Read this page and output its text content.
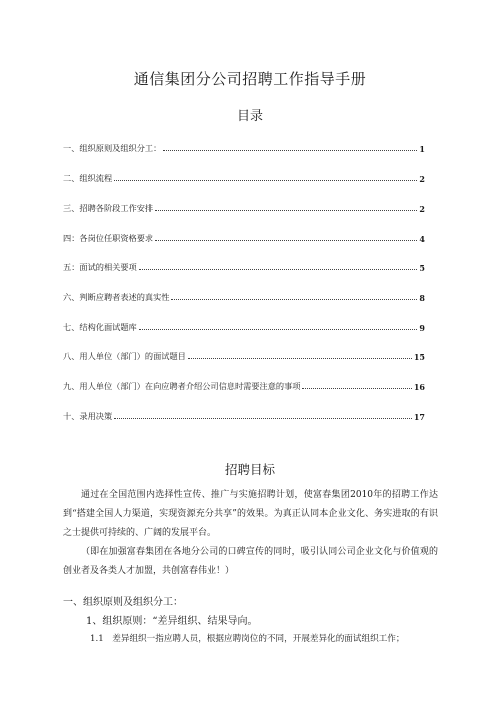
通信集团分公司招聘工作指导手册
目录
一、组织原则及组织分工：	1
二、组织流程	2
三、招聘各阶段工作安排	2
四：各岗位任职资格要求	4
五：面试的相关要项	5
六、判断应聘者表述的真实性	8
七、结构化面试题库	9
八、用人单位（部门）的面试题目	15
九、用人单位（部门）在向应聘者介绍公司信息时需要注意的事项	16
十、录用决策	17
招聘目标
通过在全国范围内选择性宣传、推广与实施招聘计划，使富春集团2010年的招聘工作达到“搭建全国人力渠道，实现资源充分共享”的效果。为真正认同本企业文化、务实进取的有识之士提供可持续的、广阔的发展平台。
（即在加强富春集团在各地分公司的口碑宣传的同时，吸引认同公司企业文化与价值观的创业者及各类人才加盟，共创富春伟业！）
一、组织原则及组织分工：
1、组织原则：“差异组织、结果导向。
1.1　差异组织一指应聘人员，根据应聘岗位的不同，开展差异化的面试组织工作；
